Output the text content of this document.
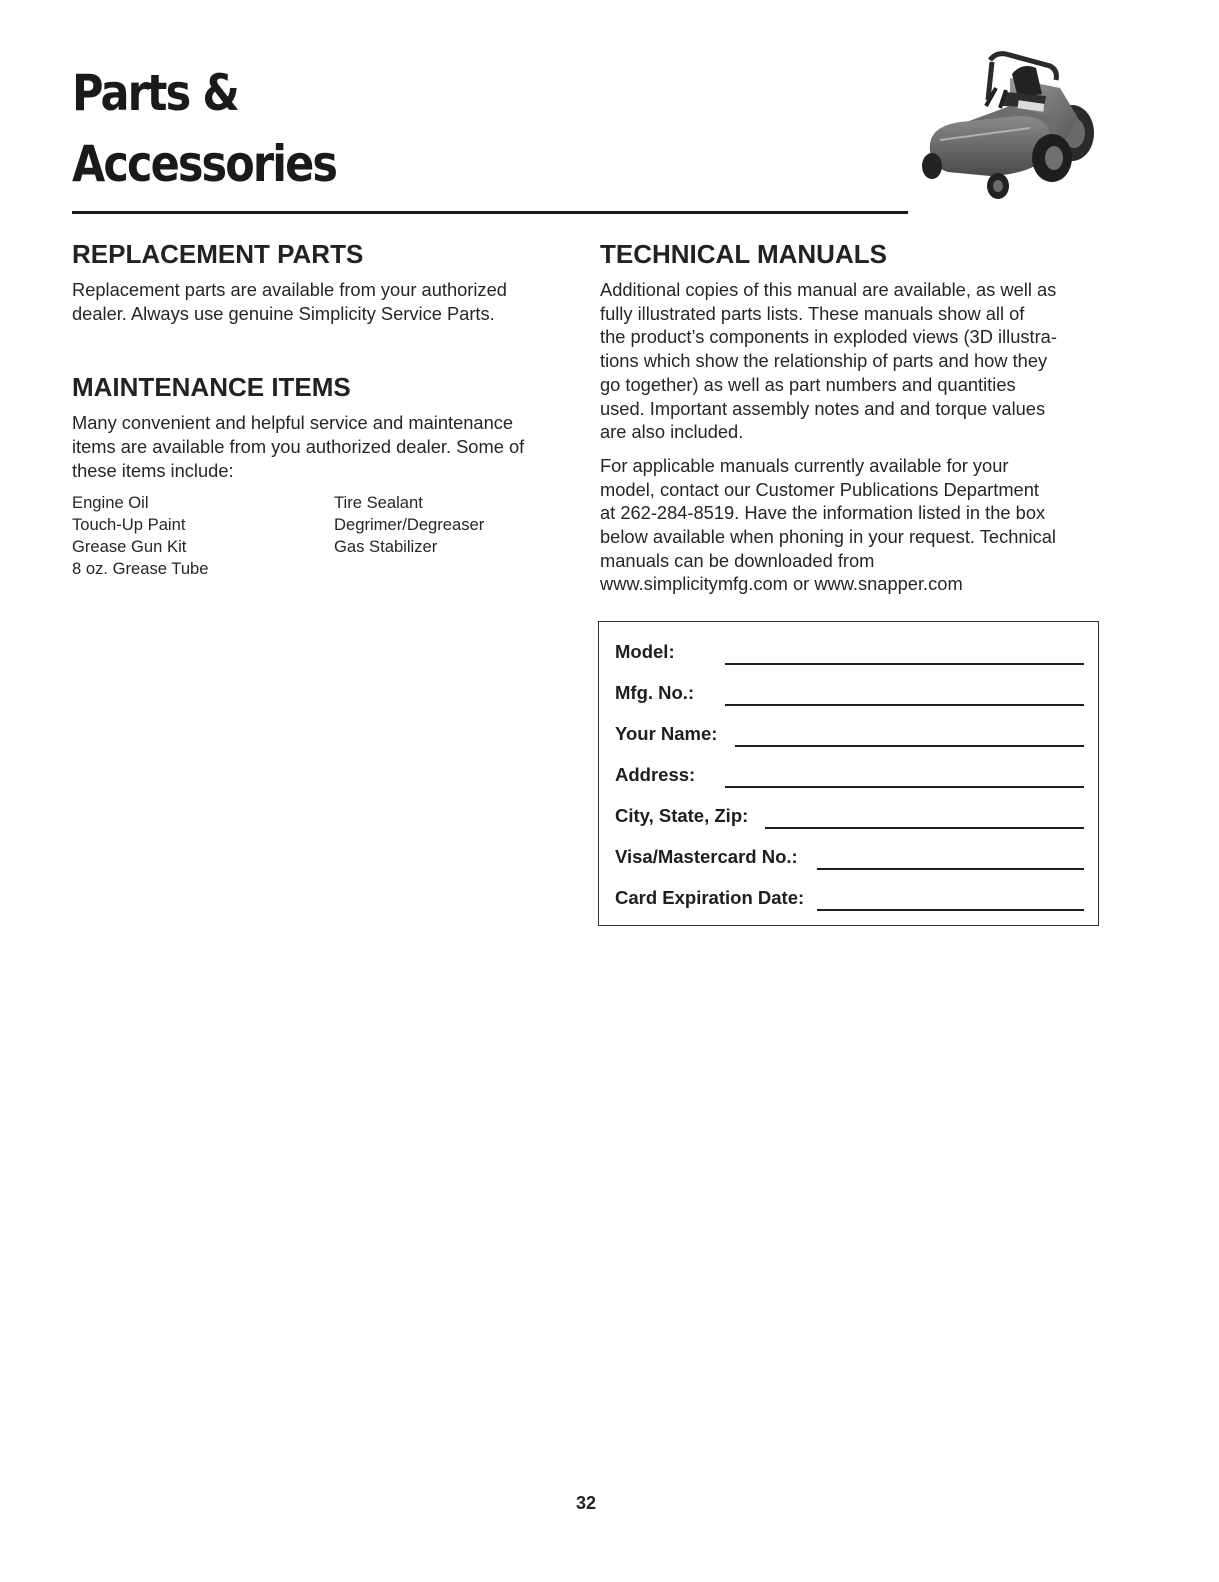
Parts &
Accessories
REPLACEMENT PARTS

Replacement parts are available from your authorized
dealer. Always use genuine Simplicity Service Parts.

MAINTENANCE ITEMS

Many convenient and helpful service and maintenance
items are available from you authorized dealer. Some of
these items include:

Engine Oil
Touch-Up Paint
Grease Gun Kit
8 oz. Grease Tube
Tire Sealant
Degrimer/Degreaser
Gas Stabilizer
TECHNICAL MANUALS

Additional copies of this manual are available, as well as
fully illustrated parts lists. These manuals show all of
the product’s components in exploded views (3D illustra-
tions which show the relationship of parts and how they
go together) as well as part numbers and quantities
used. Important assembly notes and and torque values
are also included.

For applicable manuals currently available for your
model, contact our Customer Publications Department
at 262-284-8519. Have the information listed in the box
below available when phoning in your request. Technical
manuals can be downloaded from
www.simplicitymfg.com or www.snapper.com

Model:
Mfg. No.:
Your Name:
Address:
City, State, Zip:
Visa/Mastercard No.:
Card Expiration Date:
32
